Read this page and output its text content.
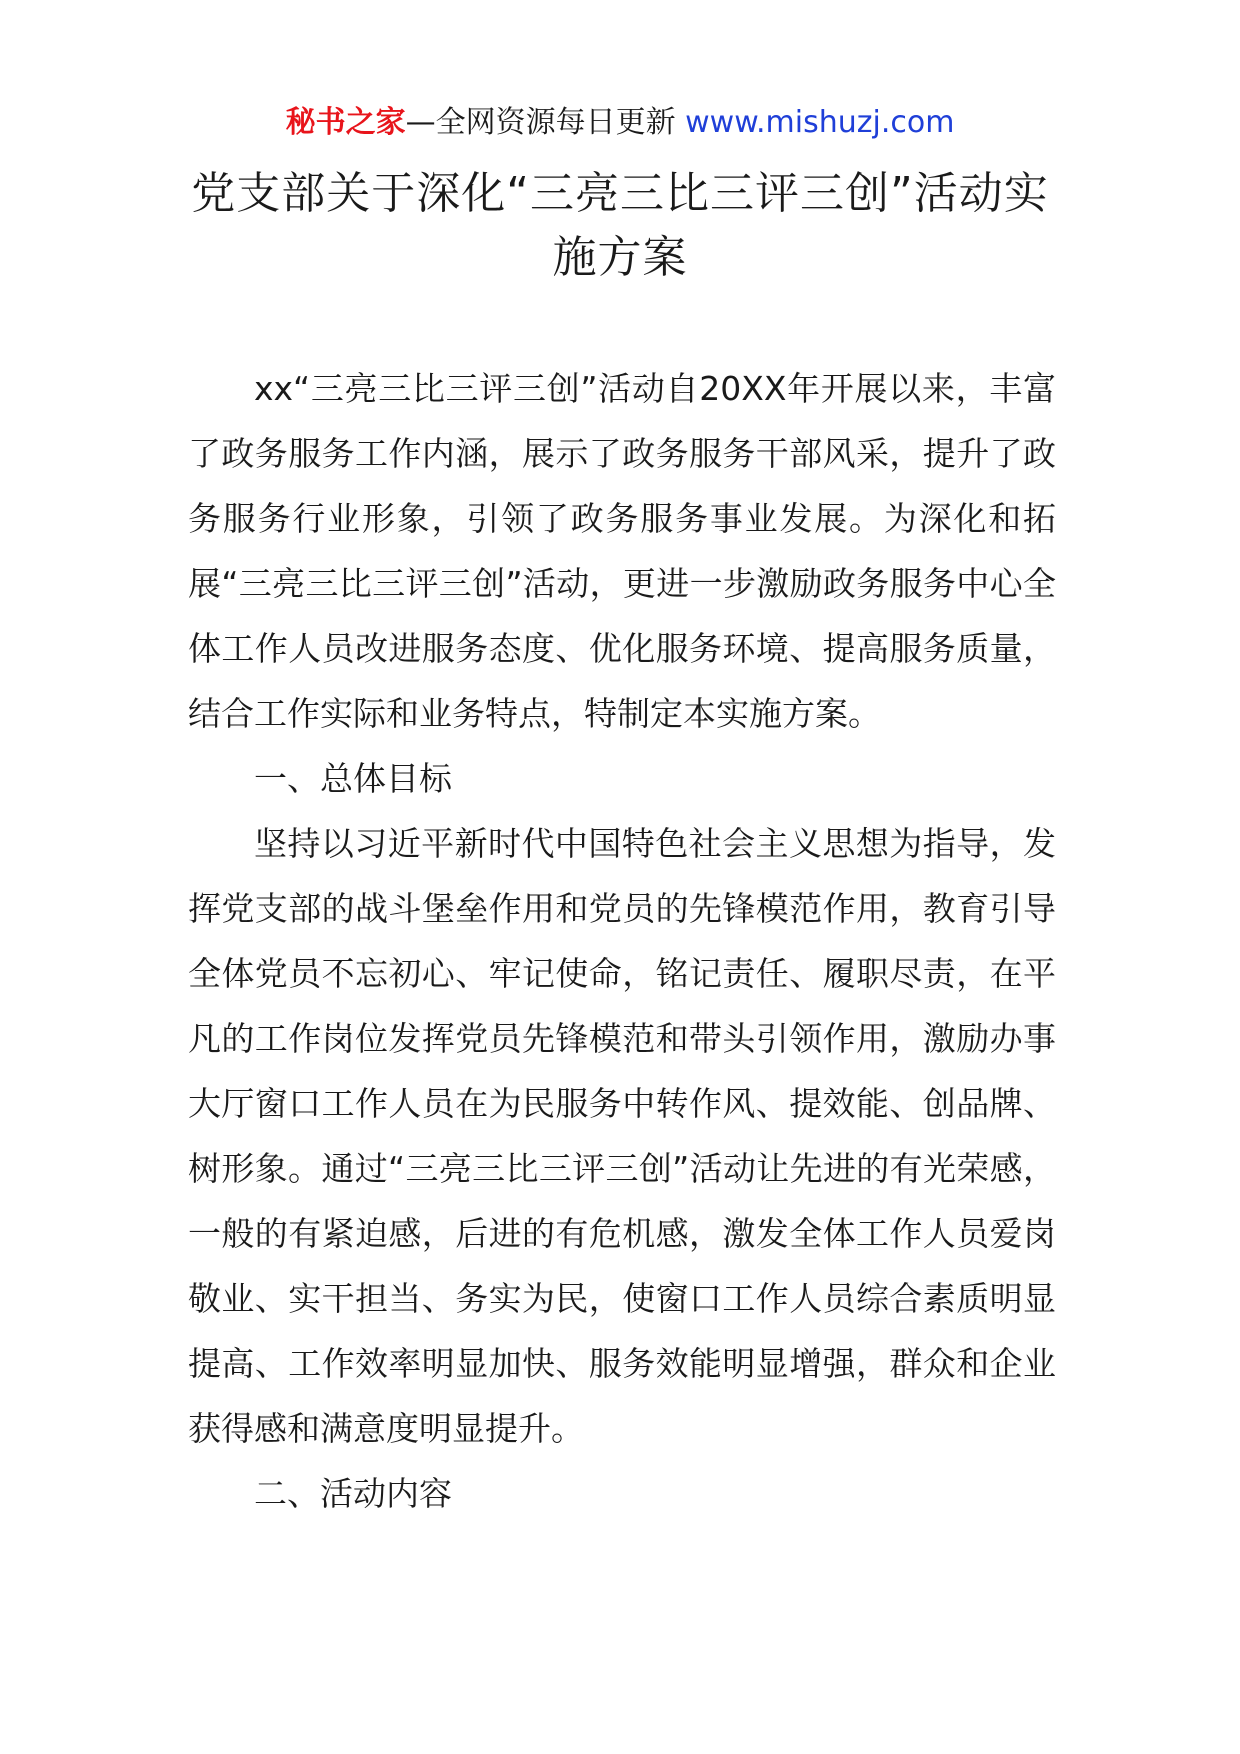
秘书之家—全网资源每日更新 www.mishuzj.com
党支部关于深化“三亮三比三评三创”活动实施方案

xx“三亮三比三评三创”活动自20XX年开展以来，丰富了政务服务工作内涵，展示了政务服务干部风采，提升了政务服务行业形象，引领了政务服务事业发展。为深化和拓展“三亮三比三评三创”活动，更进一步激励政务服务中心全体工作人员改进服务态度、优化服务环境、提高服务质量，结合工作实际和业务特点，特制定本实施方案。

一、总体目标

坚持以习近平新时代中国特色社会主义思想为指导，发挥党支部的战斗堡垒作用和党员的先锋模范作用，教育引导全体党员不忘初心、牢记使命，铭记责任、履职尽责，在平凡的工作岗位发挥党员先锋模范和带头引领作用，激励办事大厅窗口工作人员在为民服务中转作风、提效能、创品牌、树形象。通过“三亮三比三评三创”活动让先进的有光荣感，一般的有紧迫感，后进的有危机感，激发全体工作人员爱岗敬业、实干担当、务实为民，使窗口工作人员综合素质明显提高、工作效率明显加快、服务效能明显增强，群众和企业获得感和满意度明显提升。

二、活动内容
